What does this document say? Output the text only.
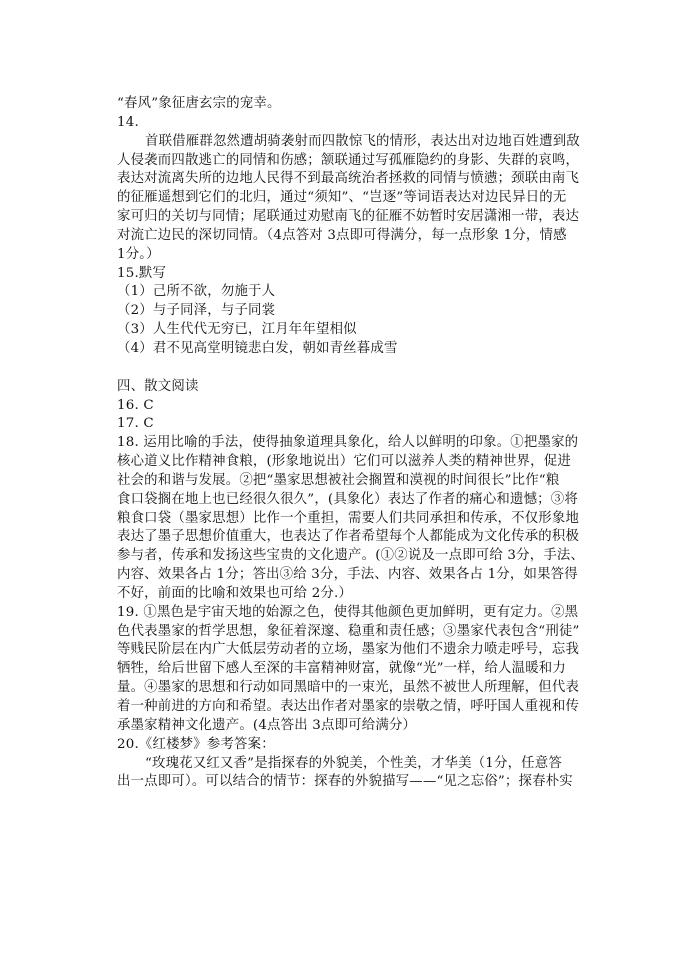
“春风”象征唐玄宗的宠幸。
14.
首联借雁群忽然遭胡骑袭射而四散惊飞的情形，表达出对边地百姓遭到敌
人侵袭而四散逃亡的同情和伤感；颔联通过写孤雁隐约的身影、失群的哀鸣，
表达对流离失所的边地人民得不到最高统治者拯救的同情与愤懑；颈联由南飞
的征雁遥想到它们的北归，通过“须知”、“岂逐”等词语表达对边民异日的无
家可归的关切与同情；尾联通过劝慰南飞的征雁不妨暂时安居潇湘一带，表达
对流亡边民的深切同情。（4点答对 3点即可得满分，每一点形象 1分，情感
1分。）
15.默写
（1）己所不欲，勿施于人
（2）与子同泽，与子同裳
（3）人生代代无穷已，江月年年望相似
（4）君不见高堂明镜悲白发，朝如青丝暮成雪
四、散文阅读
16. C
17. C
18. 运用比喻的手法，使得抽象道理具象化，给人以鲜明的印象。①把墨家的
核心道义比作精神食粮，(形象地说出）它们可以滋养人类的精神世界，促进
社会的和谐与发展。②把“墨家思想被社会搁置和漠视的时间很长”比作“粮
食口袋搁在地上也已经很久很久”，(具象化）表达了作者的痛心和遗憾；③将
粮食口袋（墨家思想）比作一个重担，需要人们共同承担和传承，不仅形象地
表达了墨子思想价值重大，也表达了作者希望每个人都能成为文化传承的积极
参与者，传承和发扬这些宝贵的文化遗产。(①②说及一点即可给 3分，手法、
内容、效果各占 1分；答出③给 3分，手法、内容、效果各占 1分，如果答得
不好，前面的比喻和效果也可给 2分.）
19. ①黑色是宇宙天地的始源之色，使得其他颜色更加鲜明，更有定力。②黑
色代表墨家的哲学思想，象征着深邃、稳重和责任感；③墨家代表包含“刑徒”
等贱民阶层在内广大低层劳动者的立场，墨家为他们不遗余力喷走呼号，忘我
牺牲，给后世留下感人至深的丰富精神财富，就像“光”一样，给人温暖和力
量。④墨家的思想和行动如同黑暗中的一束光，虽然不被世人所理解，但代表
着一种前进的方向和希望。表达出作者对墨家的崇敬之情，呼吁国人重视和传
承墨家精神文化遗产。(4点答出 3点即可给满分）
20.《红楼梦》参考答案：
“玫瑰花又红又香”是指探春的外貌美，个性美，才华美（1分，任意答
出一点即可）。可以结合的情节：探春的外貌描写——“见之忘俗”；探春朴实
